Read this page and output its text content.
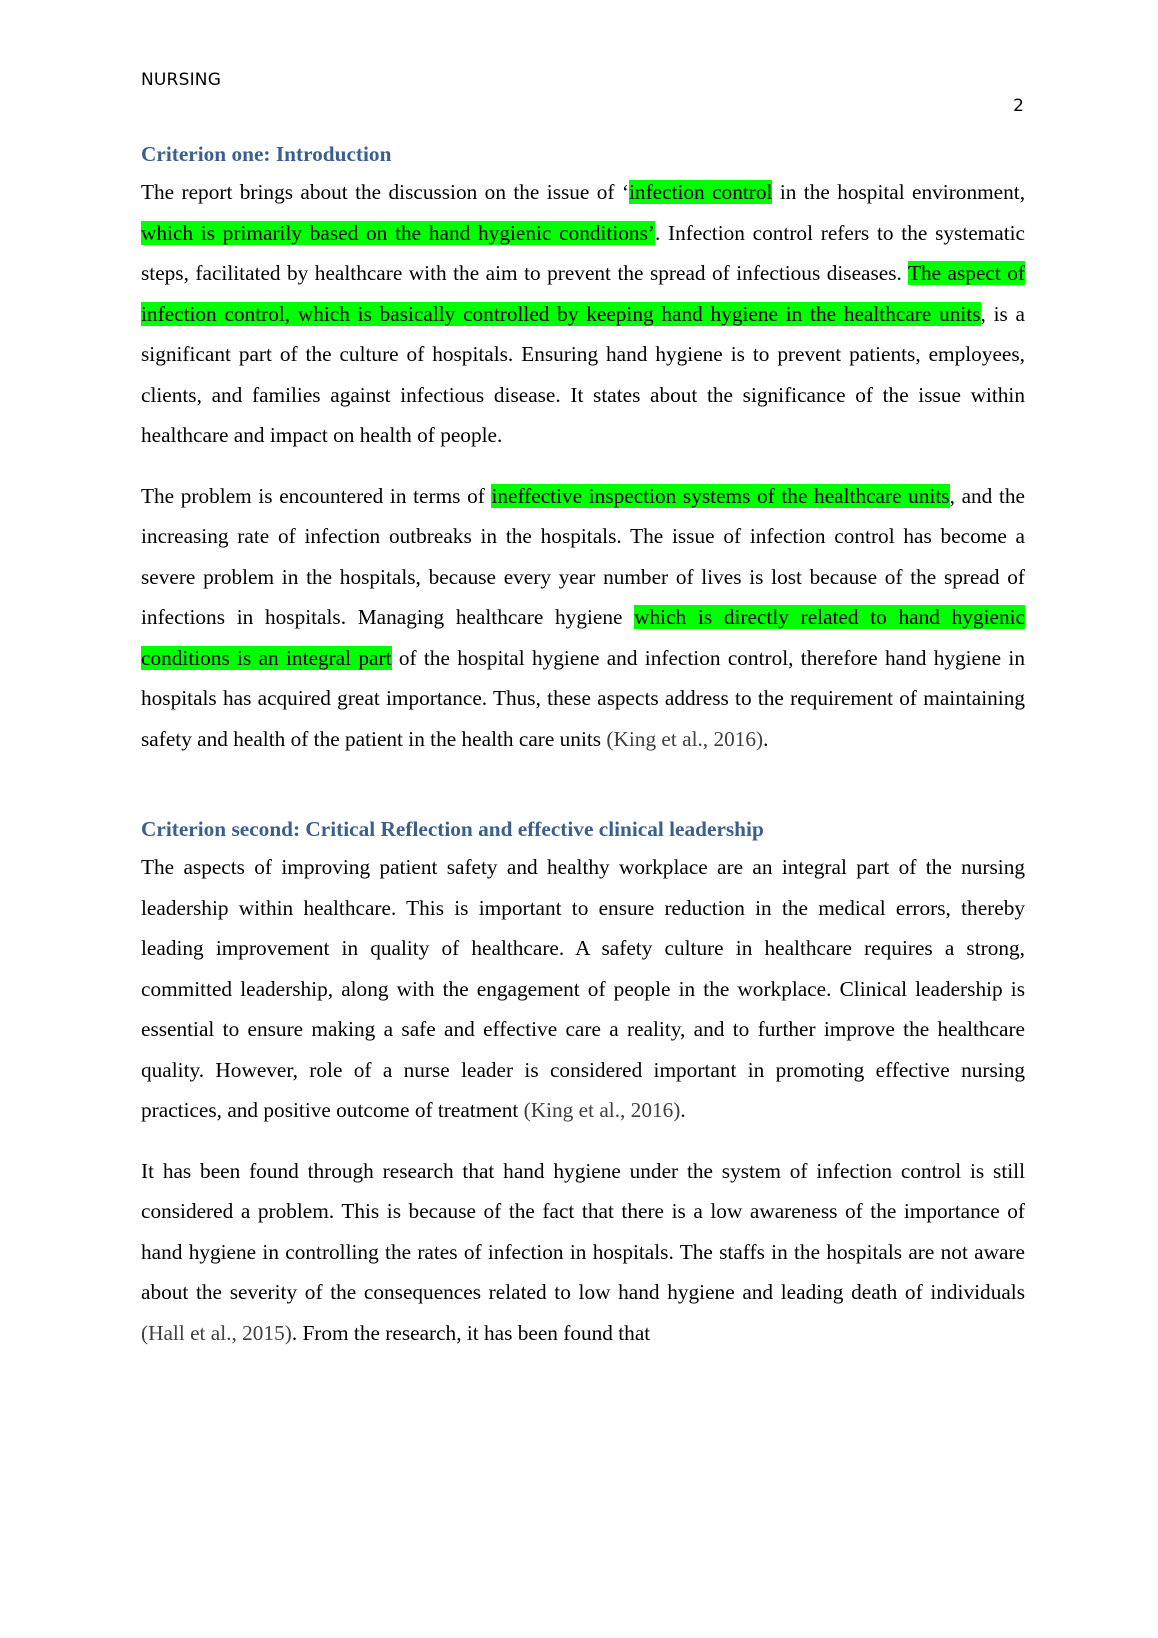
NURSING
2
Criterion one: Introduction

The report brings about the discussion on the issue of ‘infection control in the hospital environment, which is primarily based on the hand hygienic conditions’. Infection control refers to the systematic steps, facilitated by healthcare with the aim to prevent the spread of infectious diseases. The aspect of infection control, which is basically controlled by keeping hand hygiene in the healthcare units, is a significant part of the culture of hospitals. Ensuring hand hygiene is to prevent patients, employees, clients, and families against infectious disease. It states about the significance of the issue within healthcare and impact on health of people.

The problem is encountered in terms of ineffective inspection systems of the healthcare units, and the increasing rate of infection outbreaks in the hospitals. The issue of infection control has become a severe problem in the hospitals, because every year number of lives is lost because of the spread of infections in hospitals. Managing healthcare hygiene which is directly related to hand hygienic conditions is an integral part of the hospital hygiene and infection control, therefore hand hygiene in hospitals has acquired great importance. Thus, these aspects address to the requirement of maintaining safety and health of the patient in the health care units (King et al., 2016).

Criterion second: Critical Reflection and effective clinical leadership

The aspects of improving patient safety and healthy workplace are an integral part of the nursing leadership within healthcare. This is important to ensure reduction in the medical errors, thereby leading improvement in quality of healthcare. A safety culture in healthcare requires a strong, committed leadership, along with the engagement of people in the workplace. Clinical leadership is essential to ensure making a safe and effective care a reality, and to further improve the healthcare quality. However, role of a nurse leader is considered important in promoting effective nursing practices, and positive outcome of treatment (King et al., 2016).

It has been found through research that hand hygiene under the system of infection control is still considered a problem. This is because of the fact that there is a low awareness of the importance of hand hygiene in controlling the rates of infection in hospitals. The staffs in the hospitals are not aware about the severity of the consequences related to low hand hygiene and leading death of individuals (Hall et al., 2015). From the research, it has been found that
